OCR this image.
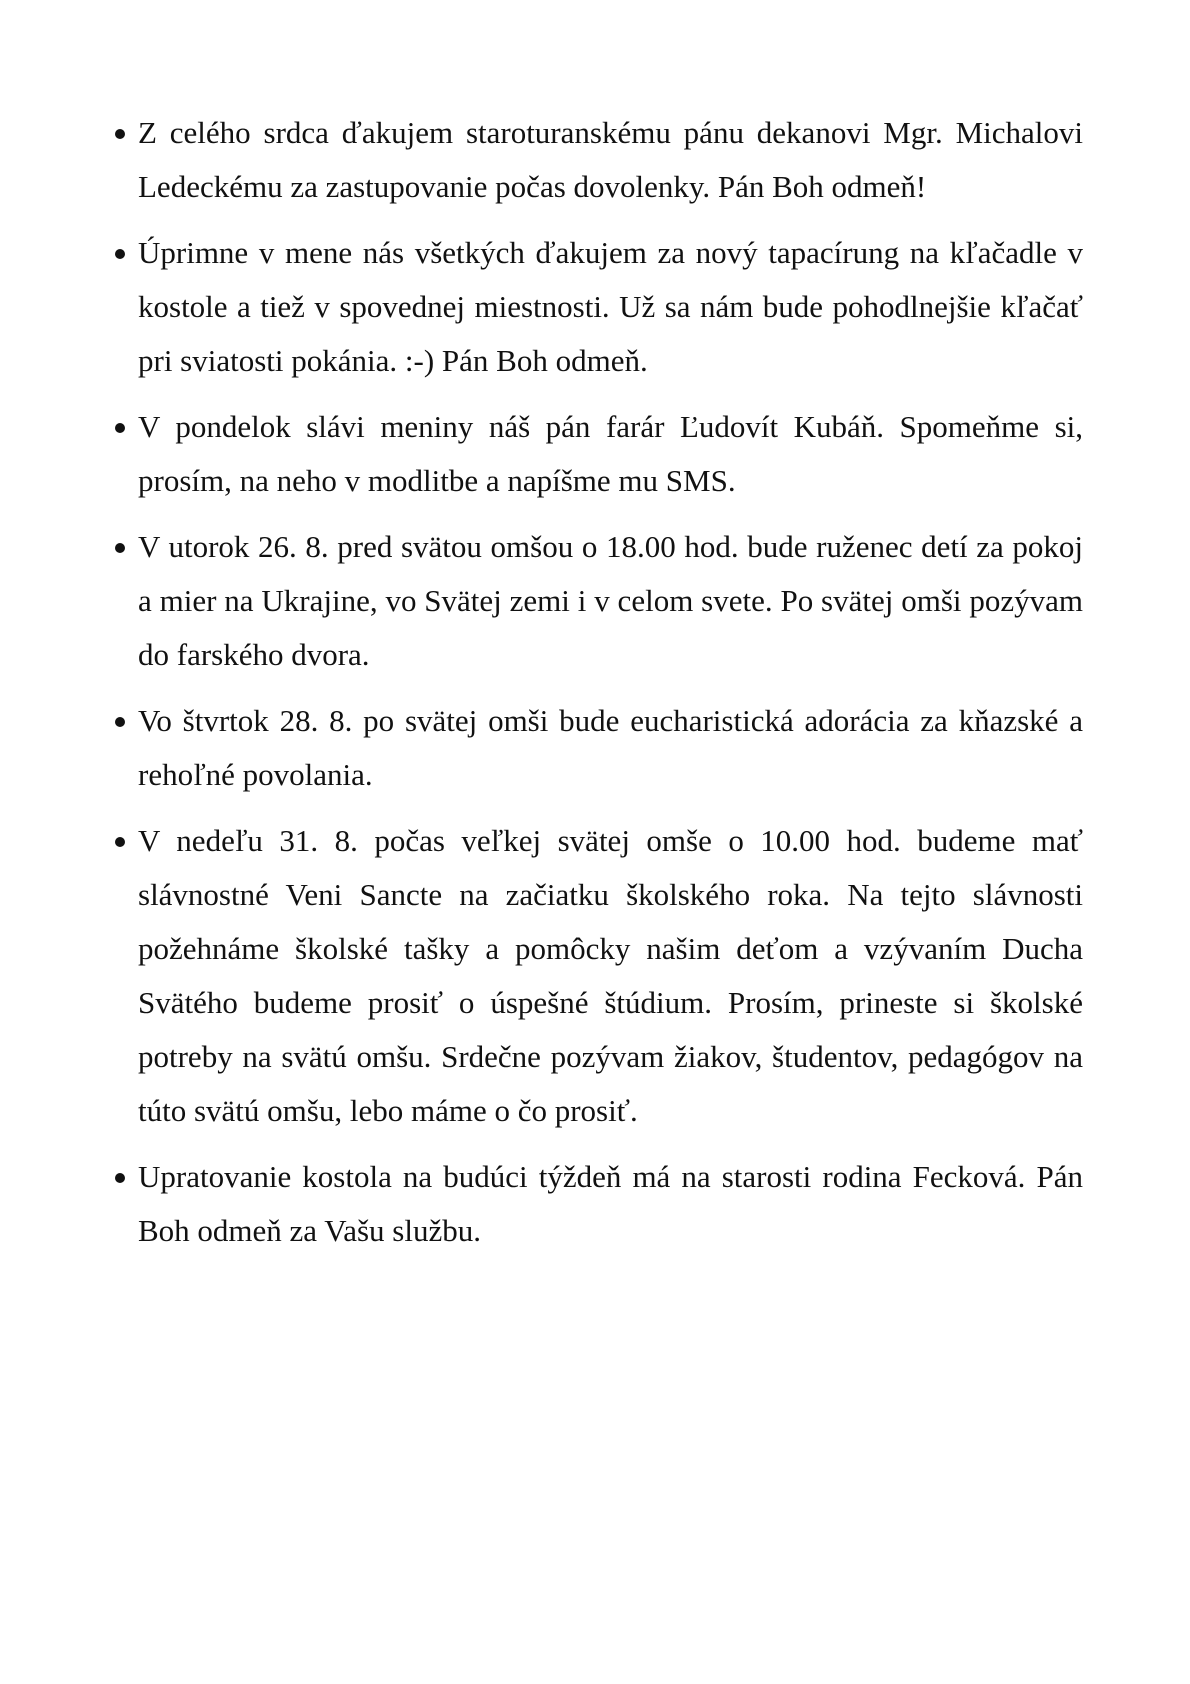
Z celého srdca ďakujem staroturanskému pánu dekanovi Mgr. Michalovi Ledeckému za zastupovanie počas dovolenky. Pán Boh odmeň!
Úprimne v mene nás všetkých ďakujem za nový tapacírung na kľačadle v kostole a tiež v spovednej miestnosti. Už sa nám bude pohodlnejšie kľačať pri sviatosti pokánia. :-) Pán Boh odmeň.
V pondelok slávi meniny náš pán farár Ľudovít Kubáň. Spomeňme si, prosím, na neho v modlitbe a napíšme mu SMS.
V utorok 26. 8. pred svätou omšou o 18.00 hod. bude ruženec detí za pokoj a mier na Ukrajine, vo Svätej zemi i v celom svete. Po svätej omši pozývam do farského dvora.
Vo štvrtok 28. 8. po svätej omši bude eucharistická adorácia za kňazské a rehoľné povolania.
V nedeľu 31. 8. počas veľkej svätej omše o 10.00 hod. budeme mať slávnostné Veni Sancte na začiatku školského roka. Na tejto slávnosti požehnáme školské tašky a pomôcky našim deťom a vzývaním Ducha Svätého budeme prosiť o úspešné štúdium. Prosím, prineste si školské potreby na svätú omšu. Srdečne pozývam žiakov, študentov, pedagógov na túto svätú omšu, lebo máme o čo prosiť.
Upratovanie kostola na budúci týždeň má na starosti rodina Fecková. Pán Boh odmeň za Vašu službu.
